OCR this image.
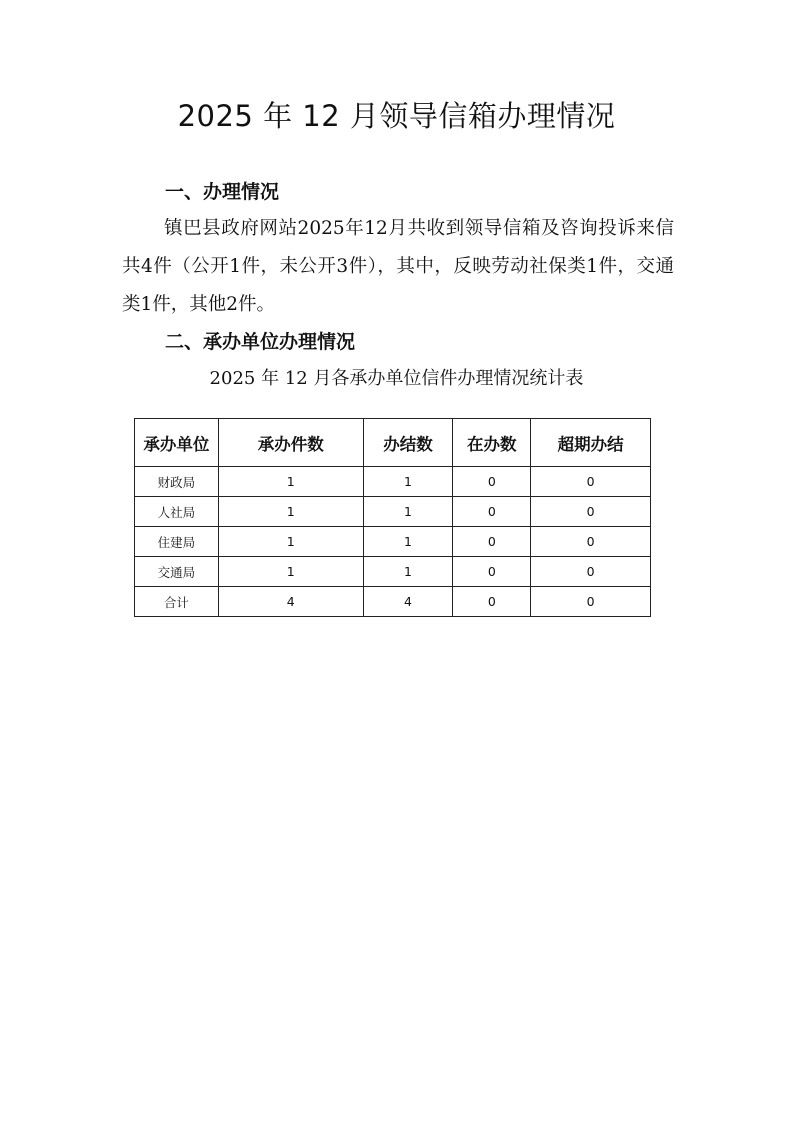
2025 年 12 月领导信箱办理情况
一、办理情况
镇巴县政府网站2025年12月共收到领导信箱及咨询投诉来信共4件（公开1件，未公开3件），其中，反映劳动社保类1件，交通类1件，其他2件。
二、承办单位办理情况
2025 年 12 月各承办单位信件办理情况统计表
承办单位	承办件数	办结数	在办数	超期办结
财政局	1	1	0	0
人社局	1	1	0	0
住建局	1	1	0	0
交通局	1	1	0	0
合计	4	4	0	0
